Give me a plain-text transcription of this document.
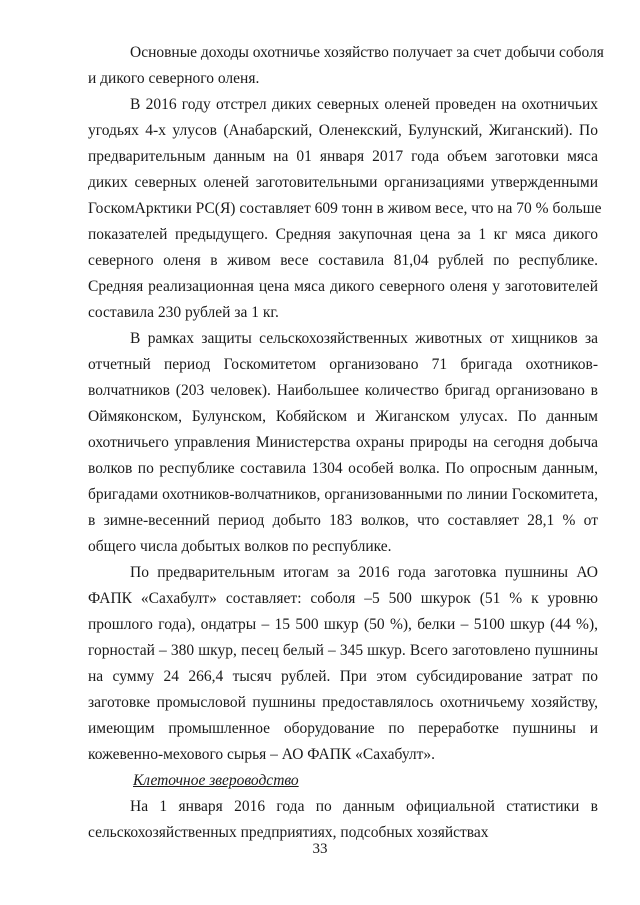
Основные доходы охотничье хозяйство получает за счет добычи соболя
и дикого северного оленя.

В 2016 году отстрел диких северных оленей проведен на охотничьих
угодьях 4-х улусов (Анабарский, Оленекский, Булунский, Жиганский). По
предварительным данным на 01 января 2017 года объем заготовки мяса
диких северных оленей заготовительными организациями утвержденными
ГоскомАрктики РС(Я) составляет 609 тонн в живом весе, что на 70 % больше
показателей предыдущего. Средняя закупочная цена за 1 кг мяса дикого
северного оленя в живом весе составила 81,04 рублей по республике.
Средняя реализационная цена мяса дикого северного оленя у заготовителей
составила 230 рублей за 1 кг.

В рамках защиты сельскохозяйственных животных от хищников за
отчетный период Госкомитетом организовано 71 бригада охотников-
волчатников (203 человек). Наибольшее количество бригад организовано в
Оймяконском, Булунском, Кобяйском и Жиганском улусах. По данным
охотничьего управления Министерства охраны природы на сегодня добыча
волков по республике составила 1304 особей волка. По опросным данным,
бригадами охотников-волчатников, организованными по линии Госкомитета,
в зимне-весенний период добыто 183 волков, что составляет 28,1 % от
общего числа добытых волков по республике.

По предварительным итогам за 2016 года заготовка пушнины АО
ФАПК «Сахабулт» составляет: соболя –5 500 шкурок (51 % к уровню
прошлого года), ондатры – 15 500 шкур (50 %), белки – 5100 шкур (44 %),
горностай – 380 шкур, песец белый – 345 шкур. Всего заготовлено пушнины
на сумму 24 266,4 тысяч рублей. При этом субсидирование затрат по
заготовке промысловой пушнины предоставлялось охотничьему хозяйству,
имеющим промышленное оборудование по переработке пушнины и
кожевенно-мехового сырья – АО ФАПК «Сахабулт».

Клеточное звероводство

На 1 января 2016 года по данным официальной статистики в
сельскохозяйственных предприятиях, подсобных хозяйствах

33
